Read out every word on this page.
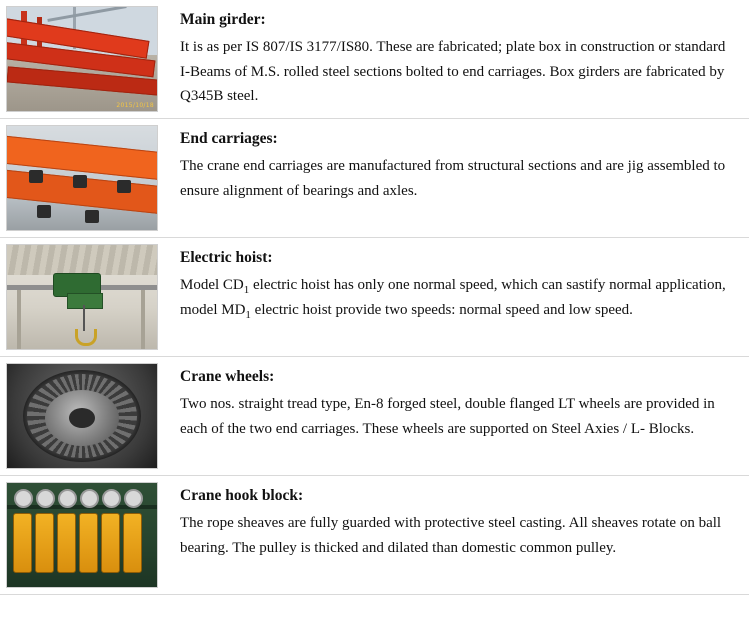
2015/10/18	Main girder:

It is as per IS 807/IS 3177/IS80. These are fabricated; plate box in construction or standard I-Beams of M.S. rolled steel sections bolted to end carriages. Box girders are fabricated by Q345B steel.

	End carriages:

The crane end carriages are manufactured from structural sections and are jig assembled to ensure alignment of bearings and axles.

	Electric hoist:

Model $CD_1$ electric hoist has only one normal speed, which can sastify normal application, model $MD_1$ electric hoist provide two speeds: normal speed and low speed.

	Crane wheels:

Two nos. straight tread type, En-8 forged steel, double flanged LT wheels are provided in each of the two end carriages. These wheels are supported on Steel Axies / L- Blocks.

	Crane hook block:

The rope sheaves are fully guarded with protective steel casting. All sheaves rotate on ball bearing. The pulley is thicked and dilated than domestic common pulley.
